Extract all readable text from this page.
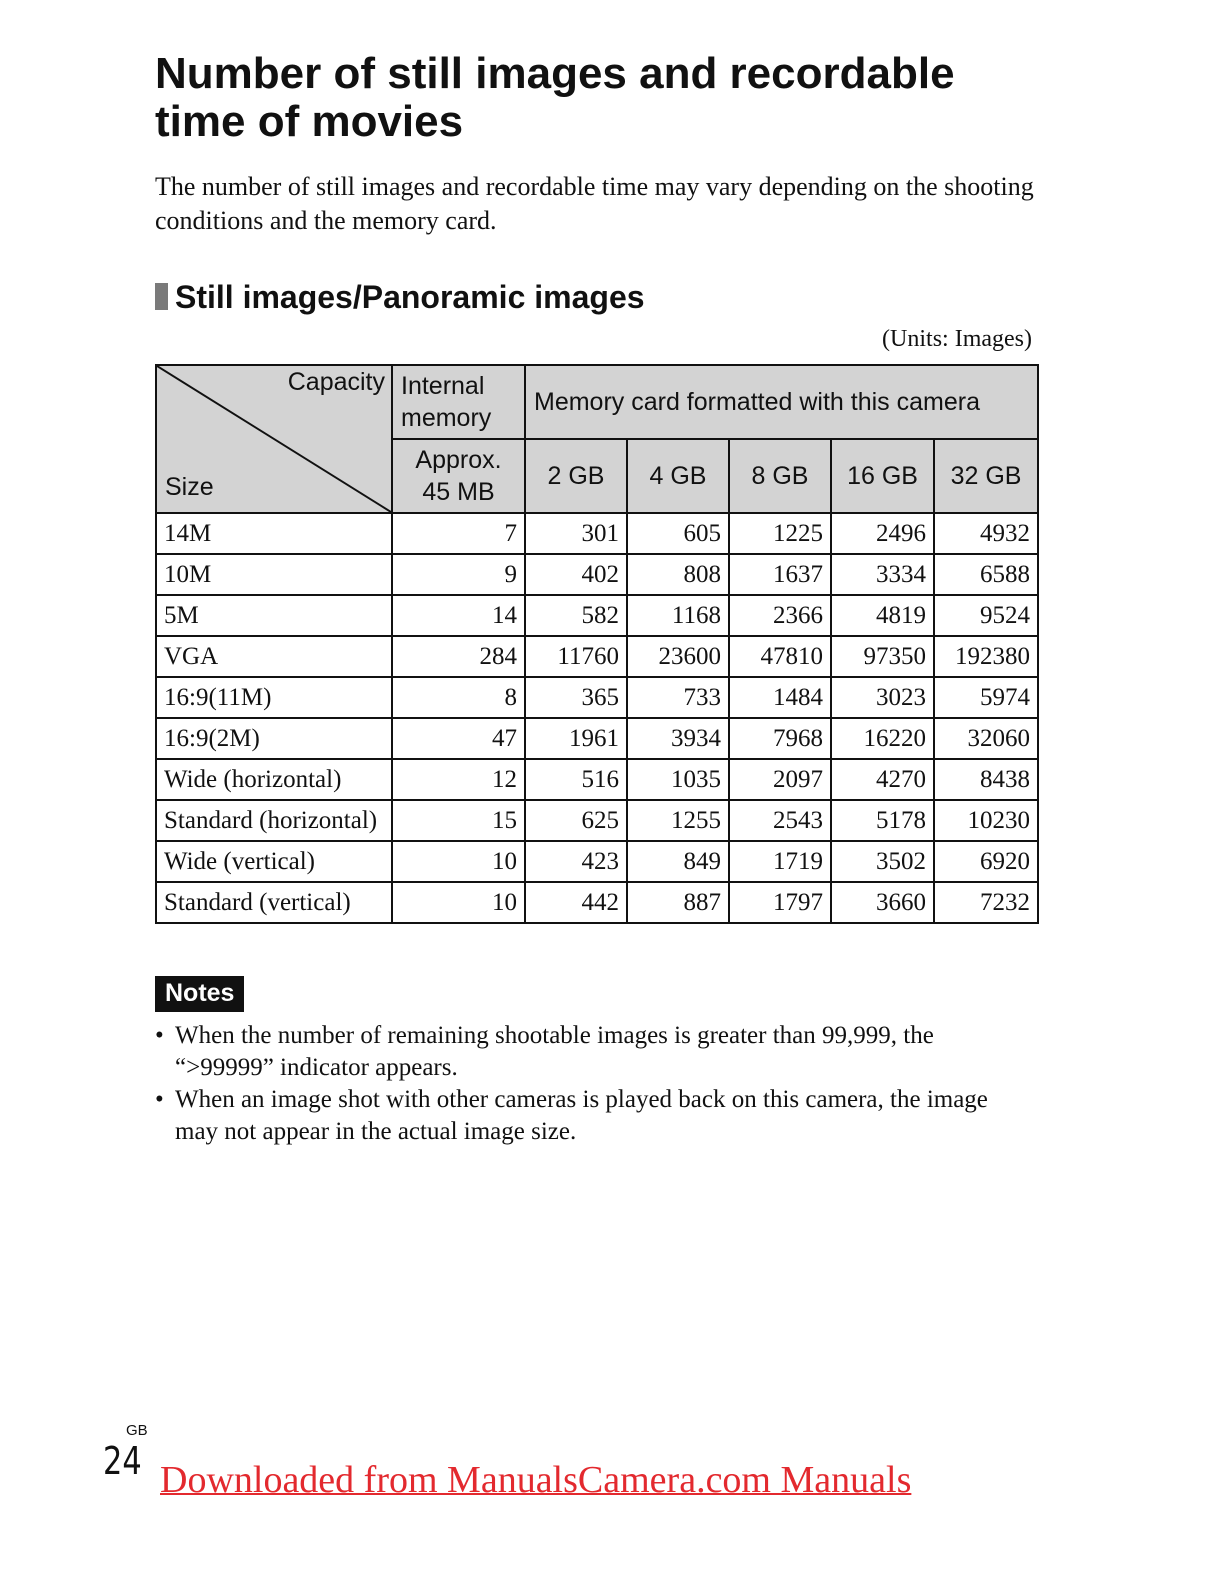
Number of still images and recordable time of movies

The number of still images and recordable time may vary depending on the shooting conditions and the memory card.

Still images/Panoramic images
(Units: Images)
Capacity
Size	Internal memory	Memory card formatted with this camera				
	Approx. 45 MB	2 GB	4 GB	8 GB	16 GB	32 GB
14M	7	301	605	1225	2496	4932
10M	9	402	808	1637	3334	6588
5M	14	582	1168	2366	4819	9524
VGA	284	11760	23600	47810	97350	192380
16:9(11M)	8	365	733	1484	3023	5974
16:9(2M)	47	1961	3934	7968	16220	32060
Wide (horizontal)	12	516	1035	2097	4270	8438
Standard (horizontal)	15	625	1255	2543	5178	10230
Wide (vertical)	10	423	849	1719	3502	6920
Standard (vertical)	10	442	887	1797	3660	7232
Notes
• When the number of remaining shootable images is greater than 99,999, the “>99999” indicator appears.
• When an image shot with other cameras is played back on this camera, the image may not appear in the actual image size.
GB
24 Downloaded from ManualsCamera.com Manuals
